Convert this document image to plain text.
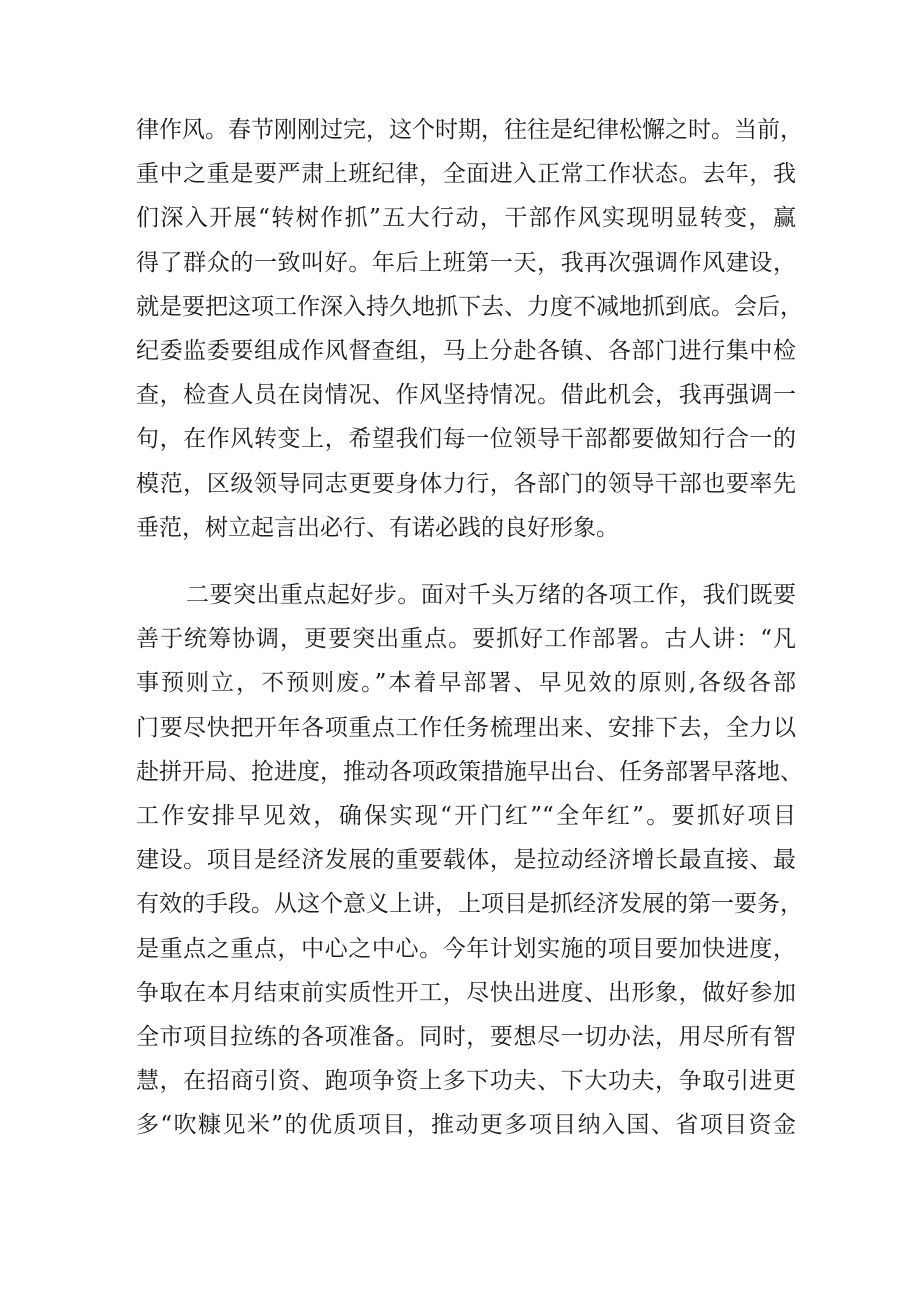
律作风。春节刚刚过完，这个时期，往往是纪律松懈之时。当前，
重中之重是要严肃上班纪律，全面进入正常工作状态。去年，我
们深入开展“转树作抓”五大行动，干部作风实现明显转变，赢
得了群众的一致叫好。年后上班第一天，我再次强调作风建设，
就是要把这项工作深入持久地抓下去、力度不减地抓到底。会后，
纪委监委要组成作风督查组，马上分赴各镇、各部门进行集中检
查，检查人员在岗情况、作风坚持情况。借此机会，我再强调一
句，在作风转变上，希望我们每一位领导干部都要做知行合一的
模范，区级领导同志更要身体力行，各部门的领导干部也要率先
垂范，树立起言出必行、有诺必践的良好形象。
二要突出重点起好步。面对千头万绪的各项工作，我们既要
善于统筹协调，更要突出重点。要抓好工作部署。古人讲：“凡
事预则立，不预则废。”本着早部署、早见效的原则,各级各部
门要尽快把开年各项重点工作任务梳理出来、安排下去，全力以
赴拼开局、抢进度，推动各项政策措施早出台、任务部署早落地、
工作安排早见效，确保实现“开门红”“全年红”。要抓好项目
建设。项目是经济发展的重要载体，是拉动经济增长最直接、最
有效的手段。从这个意义上讲，上项目是抓经济发展的第一要务，
是重点之重点，中心之中心。今年计划实施的项目要加快进度，
争取在本月结束前实质性开工，尽快出进度、出形象，做好参加
全市项目拉练的各项准备。同时，要想尽一切办法，用尽所有智
慧，在招商引资、跑项争资上多下功夫、下大功夫，争取引进更
多“吹糠见米”的优质项目，推动更多项目纳入国、省项目资金
